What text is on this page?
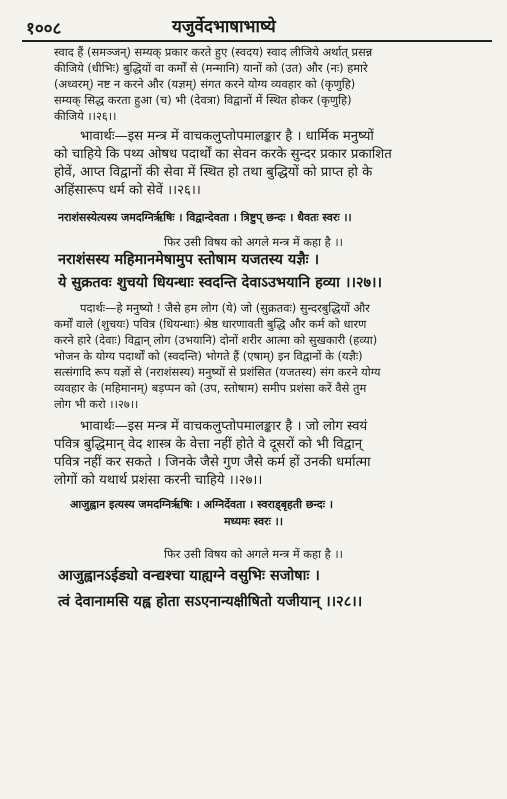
१००८	यजुर्वेदभाषाभाष्ये
स्वाद हैं (समञ्जन्) सम्यक् प्रकार करते हुए (स्वदय) स्वाद लीजिये अर्थात् प्रसन्न
कीजिये (धीभिः) बुद्धियों वा कर्मों से (मन्मानि) यानों को (उत) और (नः) हमारे
(अध्वरम्) नष्ट न करने और (यज्ञम्) संगत करने योग्य व्यवहार को (कृणुहि)
सम्यक् सिद्ध करता हुआ (च) भी (देवत्रा) विद्वानों में स्थित होकर (कृणुहि)
कीजिये ।।२६।।
भावार्थः—इस मन्त्र में वाचकलुप्तोपमालङ्कार है । धार्मिक मनुष्यों
को चाहिये कि पथ्य ओषध पदार्थों का सेवन करके सुन्दर प्रकार प्रकाशित
होवें, आप्त विद्वानों की सेवा में स्थित हो तथा बुद्धियों को प्राप्त हो के
अहिंसारूप धर्म को सेवें ।।२६।।
नराशंसस्येत्यस्य जमदग्निर्ऋषिः । विद्वान्देवता । त्रिष्टुप् छन्दः । धैवतः स्वरः ।।
फिर उसी विषय को अगले मन्त्र में कहा है ।।
नराशंसस्य महिमानमेषामुप स्तोषाम यजतस्य यज्ञैः ।
ये सुक्रतवः शुचयो धियन्धाः स्वदन्ति देवाऽउभयानि हव्या ।।२७।।
पदार्थः—हे मनुष्यो ! जैसे हम लोग (ये) जो (सुक्रतवः) सुन्दरबुद्धियों और
कर्मों वाले (शुचयः) पवित्र (धियन्धाः) श्रेष्ठ धारणावती बुद्धि और कर्म को धारण
करने हारे (देवाः) विद्वान् लोग (उभयानि) दोनों शरीर आत्मा को सुखकारी (हव्या)
भोजन के योग्य पदार्थों को (स्वदन्ति) भोगते हैं (एषाम्) इन विद्वानों के (यज्ञैः)
सत्संगादि रूप यज्ञों से (नराशंसस्य) मनुष्यों से प्रशंसित (यजतस्य) संग करने योग्य
व्यवहार के (महिमानम्) बड़प्पन को (उप, स्तोषाम) समीप प्रशंसा करें वैसे तुम
लोग भी करो ।।२७।।
भावार्थः—इस मन्त्र में वाचकलुप्तोपमालङ्कार है । जो लोग स्वयं
पवित्र बुद्धिमान् वेद शास्त्र के वेत्ता नहीं होते वे दूसरों को भी विद्वान्
पवित्र नहीं कर सकते । जिनके जैसे गुण जैसे कर्म हों उनकी धर्मात्मा
लोगों को यथार्थ प्रशंसा करनी चाहिये ।।२७।।
आजुह्वान इत्यस्य जमदग्निर्ऋषिः । अग्निर्देवता । स्वराड्बृहती छन्दः ।
मध्यमः स्वरः ।।
फिर उसी विषय को अगले मन्त्र में कहा है ।।
आजुह्वानऽईड्यो वन्द्यश्चा याह्यग्ने वसुभिः सजोषाः ।
त्वं देवानामसि यह्व होता सऽएनान्यक्षीषितो यजीयान् ।।२८।।
